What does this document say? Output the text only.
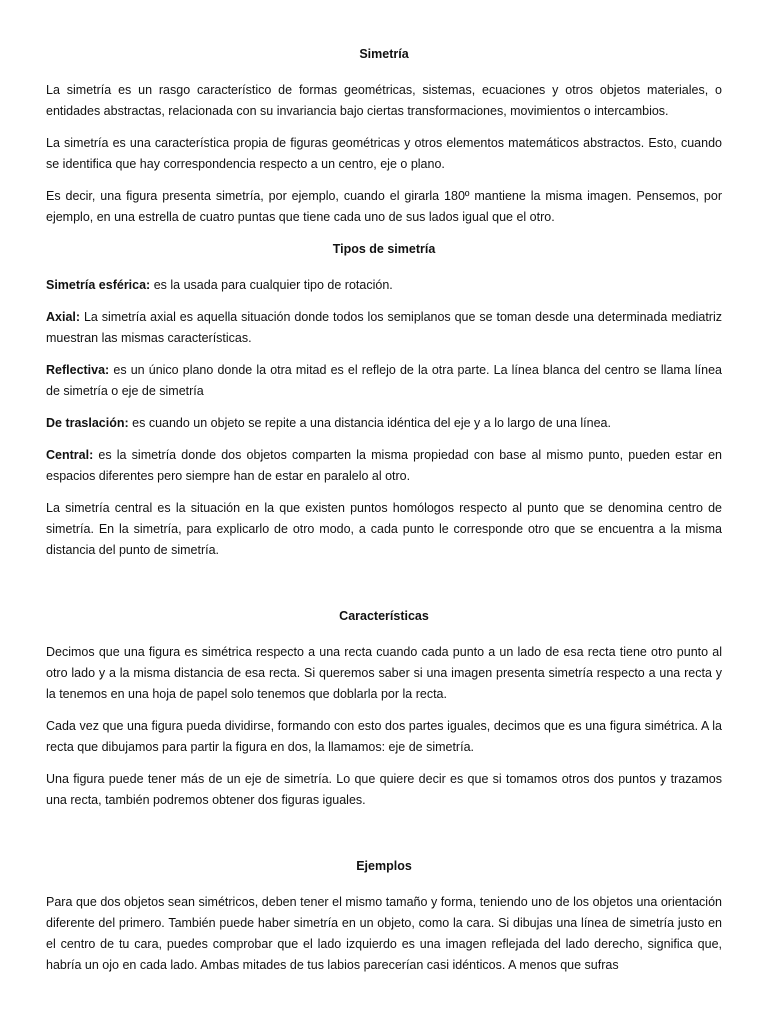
Simetría

La simetría es un rasgo característico de formas geométricas, sistemas, ecuaciones y otros objetos materiales, o entidades abstractas, relacionada con su invariancia bajo ciertas transformaciones, movimientos o intercambios.

La simetría es una característica propia de figuras geométricas y otros elementos matemáticos abstractos. Esto, cuando se identifica que hay correspondencia respecto a un centro, eje o plano.

Es decir, una figura presenta simetría, por ejemplo, cuando el girarla 180º mantiene la misma imagen. Pensemos, por ejemplo, en una estrella de cuatro puntas que tiene cada uno de sus lados igual que el otro.

Tipos de simetría

Simetría esférica: es la usada para cualquier tipo de rotación.

Axial: La simetría axial es aquella situación donde todos los semiplanos que se toman desde una determinada mediatriz muestran las mismas características.

Reflectiva: es un único plano donde la otra mitad es el reflejo de la otra parte. La línea blanca del centro se llama línea de simetría o eje de simetría

De traslación: es cuando un objeto se repite a una distancia idéntica del eje y a lo largo de una línea.

Central: es la simetría donde dos objetos comparten la misma propiedad con base al mismo punto, pueden estar en espacios diferentes pero siempre han de estar en paralelo al otro.

La simetría central es la situación en la que existen puntos homólogos respecto al punto que se denomina centro de simetría. En la simetría, para explicarlo de otro modo, a cada punto le corresponde otro que se encuentra a la misma distancia del punto de simetría.

Características

Decimos que una figura es simétrica respecto a una recta cuando cada punto a un lado de esa recta tiene otro punto al otro lado y a la misma distancia de esa recta. Si queremos saber si una imagen presenta simetría respecto a una recta y la tenemos en una hoja de papel solo tenemos que doblarla por la recta.

Cada vez que una figura pueda dividirse, formando con esto dos partes iguales, decimos que es una figura simétrica. A la recta que dibujamos para partir la figura en dos, la llamamos: eje de simetría.

Una figura puede tener más de un eje de simetría. Lo que quiere decir es que si tomamos otros dos puntos y trazamos una recta, también podremos obtener dos figuras iguales.

Ejemplos

Para que dos objetos sean simétricos, deben tener el mismo tamaño y forma, teniendo uno de los objetos una orientación diferente del primero. También puede haber simetría en un objeto, como la cara. Si dibujas una línea de simetría justo en el centro de tu cara, puedes comprobar que el lado izquierdo es una imagen reflejada del lado derecho, significa que, habría un ojo en cada lado. Ambas mitades de tus labios parecerían casi idénticos. A menos que sufras
